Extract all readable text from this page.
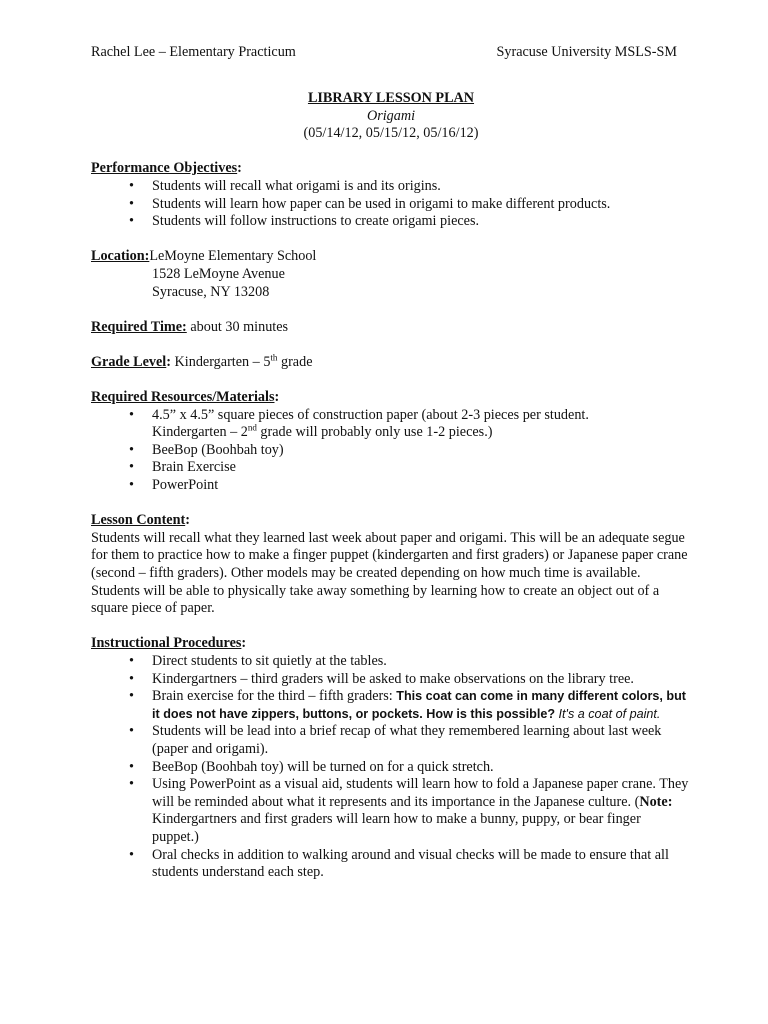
Rachel Lee – Elementary Practicum	Syracuse University MSLS-SM
LIBRARY LESSON PLAN
Origami
(05/14/12, 05/15/12, 05/16/12)
Performance Objectives:
• Students will recall what origami is and its origins.
• Students will learn how paper can be used in origami to make different products.
• Students will follow instructions to create origami pieces.
Location:LeMoyne Elementary School
1528 LeMoyne Avenue
Syracuse, NY 13208
Required Time: about 30 minutes
Grade Level: Kindergarten – 5th grade
Required Resources/Materials:
• 4.5” x 4.5” square pieces of construction paper (about 2-3 pieces per student.
Kindergarten – 2nd grade will probably only use 1-2 pieces.)
• BeeBop (Boohbah toy)
• Brain Exercise
• PowerPoint
Lesson Content:
Students will recall what they learned last week about paper and origami. This will be an adequate segue for them to practice how to make a finger puppet (kindergarten and first graders) or Japanese paper crane (second – fifth graders). Other models may be created depending on how much time is available. Students will be able to physically take away something by learning how to create an object out of a square piece of paper.
Instructional Procedures:
• Direct students to sit quietly at the tables.
• Kindergartners – third graders will be asked to make observations on the library tree.
• Brain exercise for the third – fifth graders: This coat can come in many different colors, but it does not have zippers, buttons, or pockets. How is this possible? It's a coat of paint.
• Students will be lead into a brief recap of what they remembered learning about last week (paper and origami).
• BeeBop (Boohbah toy) will be turned on for a quick stretch.
• Using PowerPoint as a visual aid, students will learn how to fold a Japanese paper crane. They will be reminded about what it represents and its importance in the Japanese culture. (Note: Kindergartners and first graders will learn how to make a bunny, puppy, or bear finger puppet.)
• Oral checks in addition to walking around and visual checks will be made to ensure that all students understand each step.
